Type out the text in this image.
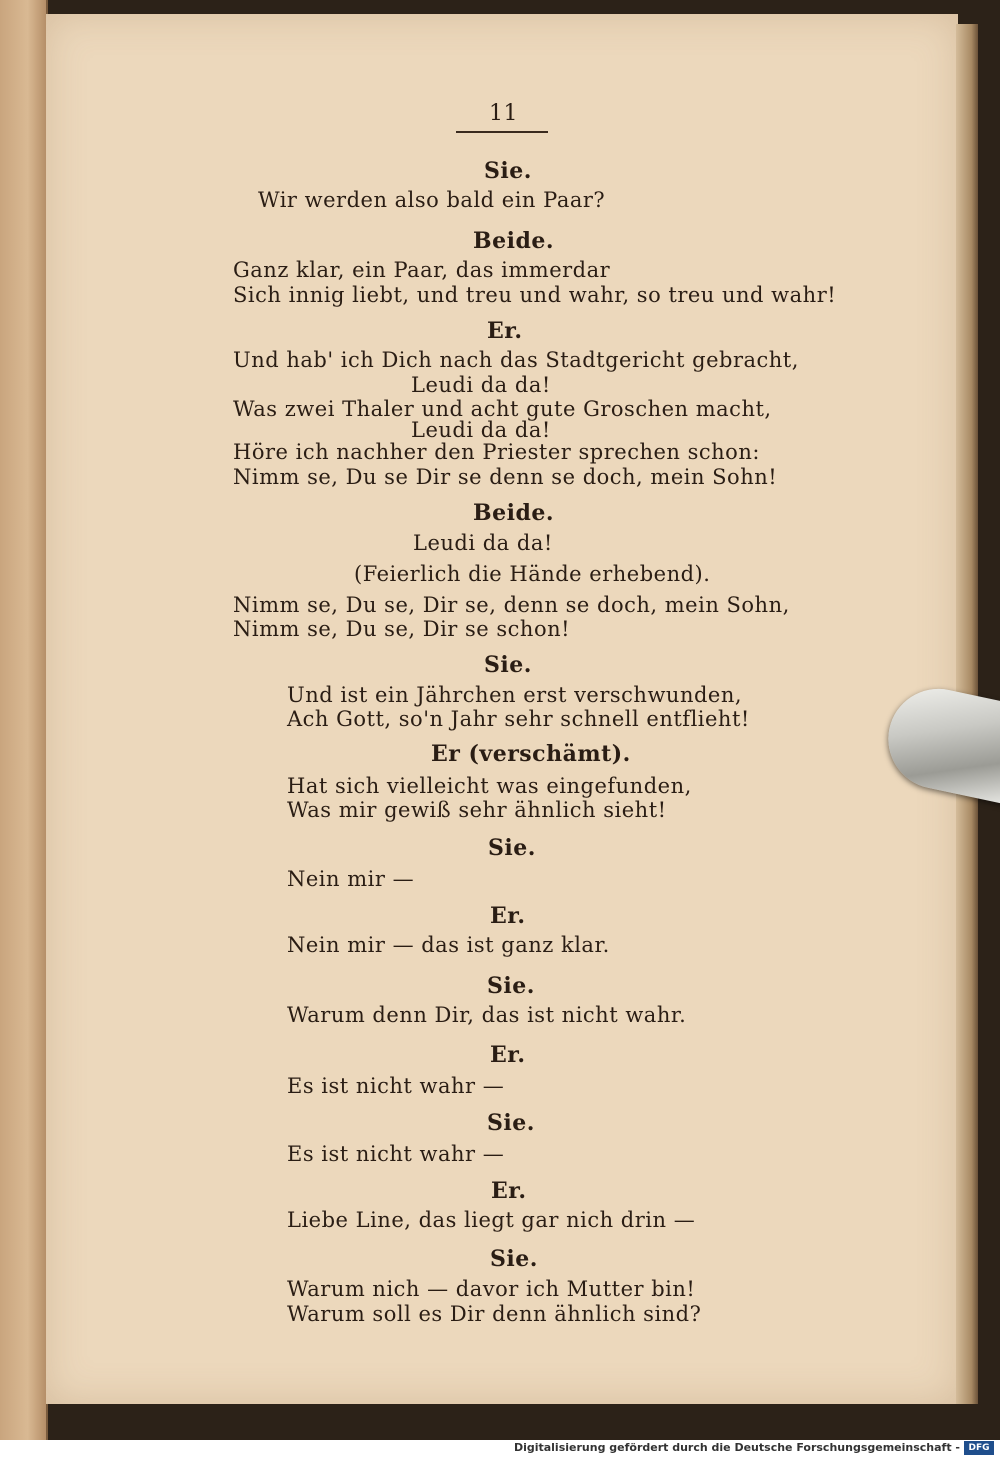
11
Sie.
Wir werden also bald ein Paar?
Beide.
Ganz klar, ein Paar, das immerdar
Sich innig liebt, und treu und wahr, so treu und wahr!
Er.
Und hab' ich Dich nach das Stadtgericht gebracht,
Leudi da da!
Was zwei Thaler und acht gute Groschen macht,
Leudi da da!
Höre ich nachher den Priester sprechen schon:
Nimm se, Du se Dir se denn se doch, mein Sohn!
Beide.
Leudi da da!
(Feierlich die Hände erhebend).
Nimm se, Du se, Dir se, denn se doch, mein Sohn,
Nimm se, Du se, Dir se schon!
Sie.
Und ist ein Jährchen erst verschwunden,
Ach Gott, so'n Jahr sehr schnell entflieht!
Er (verschämt).
Hat sich vielleicht was eingefunden,
Was mir gewiß sehr ähnlich sieht!
Sie.
Nein mir —
Er.
Nein mir — das ist ganz klar.
Sie.
Warum denn Dir, das ist nicht wahr.
Er.
Es ist nicht wahr —
Sie.
Es ist nicht wahr —
Er.
Liebe Line, das liegt gar nich drin —
Sie.
Warum nich — davor ich Mutter bin!
Warum soll es Dir denn ähnlich sind?
Digitalisierung gefördert durch die Deutsche Forschungsgemeinschaft - DFG
